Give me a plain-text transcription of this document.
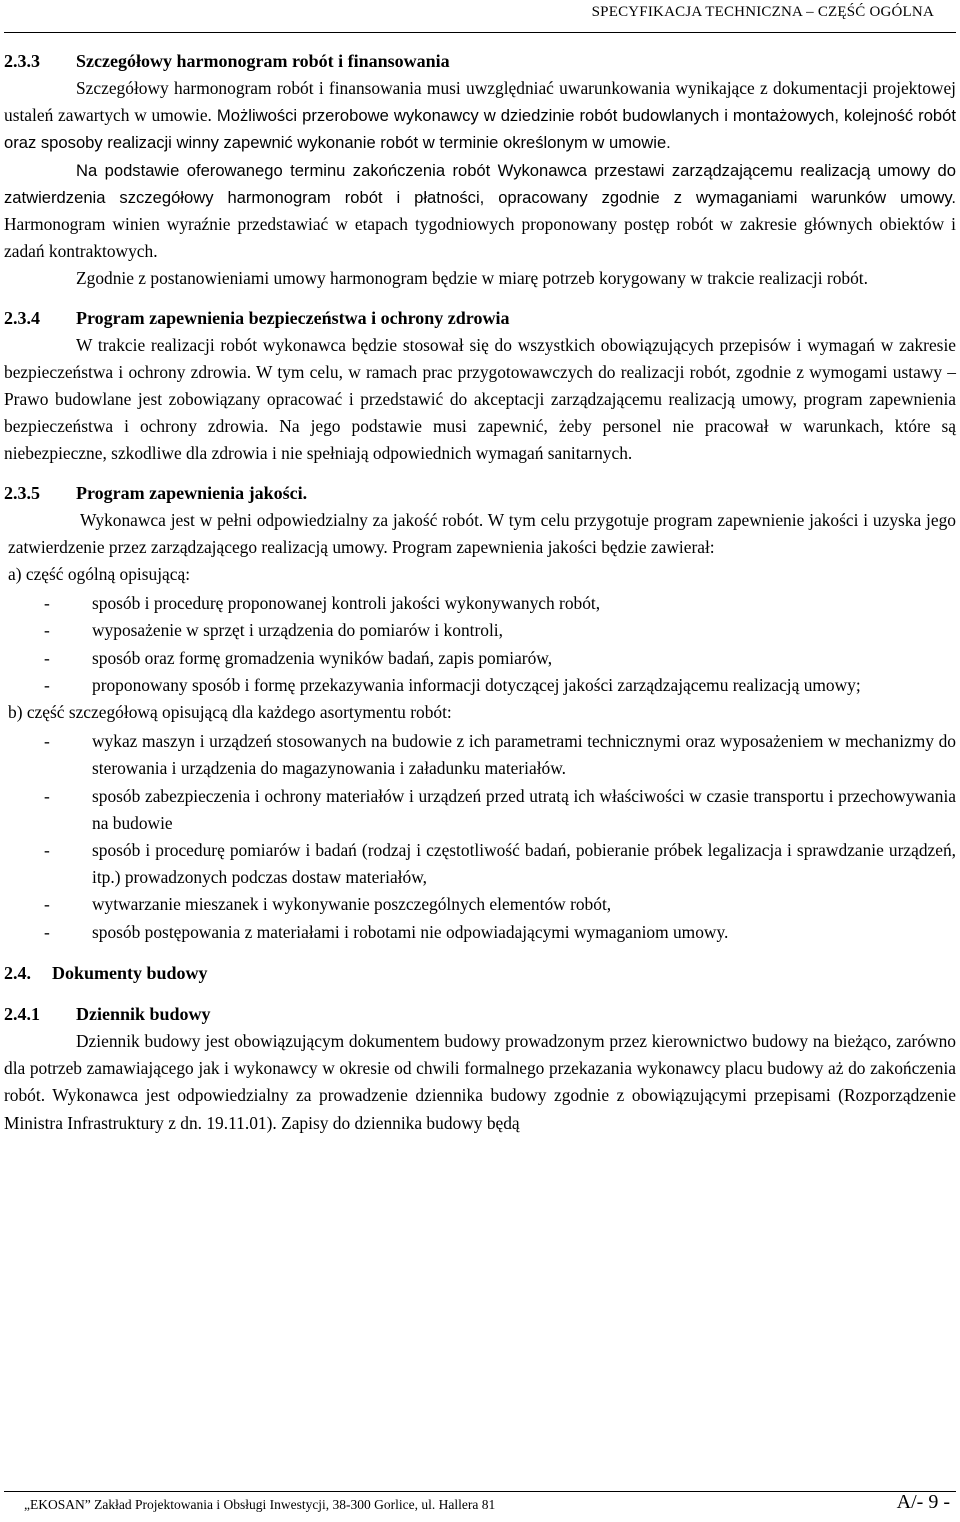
SPECYFIKACJA TECHNICZNA – CZĘŚĆ OGÓLNA
2.3.3	Szczegółowy harmonogram robót i finansowania

Szczegółowy harmonogram robót i finansowania musi uwzględniać uwarunkowania wynikające z dokumentacji projektowej ustaleń zawartych w umowie. Możliwości przerobowe wykonawcy w dziedzinie robót budowlanych i montażowych, kolejność robót oraz sposoby realizacji winny zapewnić wykonanie robót w terminie określonym w umowie.

Na podstawie oferowanego terminu zakończenia robót Wykonawca przestawi zarządzającemu realizacją umowy do zatwierdzenia szczegółowy harmonogram robót i płatności, opracowany zgodnie z wymaganiami warunków umowy. Harmonogram winien wyraźnie przedstawiać w etapach tygodniowych proponowany postęp robót w zakresie głównych obiektów i zadań kontraktowych.

Zgodnie z postanowieniami umowy harmonogram będzie w miarę potrzeb korygowany w trakcie realizacji robót.

2.3.4	Program zapewnienia bezpieczeństwa i ochrony zdrowia

W trakcie realizacji robót wykonawca będzie stosował się do wszystkich obowiązujących przepisów i wymagań w zakresie bezpieczeństwa i ochrony zdrowia. W tym celu, w ramach prac przygotowawczych do realizacji robót, zgodnie z wymogami ustawy – Prawo budowlane jest zobowiązany opracować i przedstawić do akceptacji zarządzającemu realizacją umowy, program zapewnienia bezpieczeństwa i ochrony zdrowia. Na jego podstawie musi zapewnić, żeby personel nie pracował w warunkach, które są niebezpieczne, szkodliwe dla zdrowia i nie spełniają odpowiednich wymagań sanitarnych.

2.3.5	Program zapewnienia jakości.

Wykonawca jest w pełni odpowiedzialny za jakość robót. W tym celu przygotuje program zapewnienie jakości i uzyska jego zatwierdzenie przez zarządzającego realizacją umowy. Program zapewnienia jakości będzie zawierał:

a) część ogólną opisującą:
- sposób i procedurę proponowanej kontroli jakości wykonywanych robót,
- wyposażenie w sprzęt i urządzenia do pomiarów i kontroli,
- sposób oraz formę gromadzenia wyników badań, zapis pomiarów,
- proponowany sposób i formę przekazywania informacji dotyczącej jakości zarządzającemu realizacją umowy;
b) część szczegółową opisującą dla każdego asortymentu robót:
- wykaz maszyn i urządzeń stosowanych na budowie z ich parametrami technicznymi oraz wyposażeniem w mechanizmy do sterowania i urządzenia do magazynowania i załadunku materiałów.
- sposób zabezpieczenia i ochrony materiałów i urządzeń przed utratą ich właściwości w czasie transportu i przechowywania na budowie
- sposób i procedurę pomiarów i badań (rodzaj i częstotliwość badań, pobieranie próbek legalizacja i sprawdzanie urządzeń, itp.) prowadzonych podczas dostaw materiałów,
- wytwarzanie mieszanek i wykonywanie poszczególnych elementów robót,
- sposób postępowania z materiałami i robotami nie odpowiadającymi wymaganiom umowy.
2.4.	Dokumenty budowy
2.4.1	Dziennik budowy

Dziennik budowy jest obowiązującym dokumentem budowy prowadzonym przez kierownictwo budowy na bieżąco, zarówno dla potrzeb zamawiającego jak i wykonawcy w okresie od chwili formalnego przekazania wykonawcy placu budowy aż do zakończenia robót. Wykonawca jest odpowiedzialny za prowadzenie dziennika budowy zgodnie z obowiązującymi przepisami (Rozporządzenie Ministra Infrastruktury z dn. 19.11.01). Zapisy do dziennika budowy będą

„EKOSAN” Zakład Projektowania i Obsługi Inwestycji, 38-300 Gorlice, ul. Hallera 81	A/- 9 -
